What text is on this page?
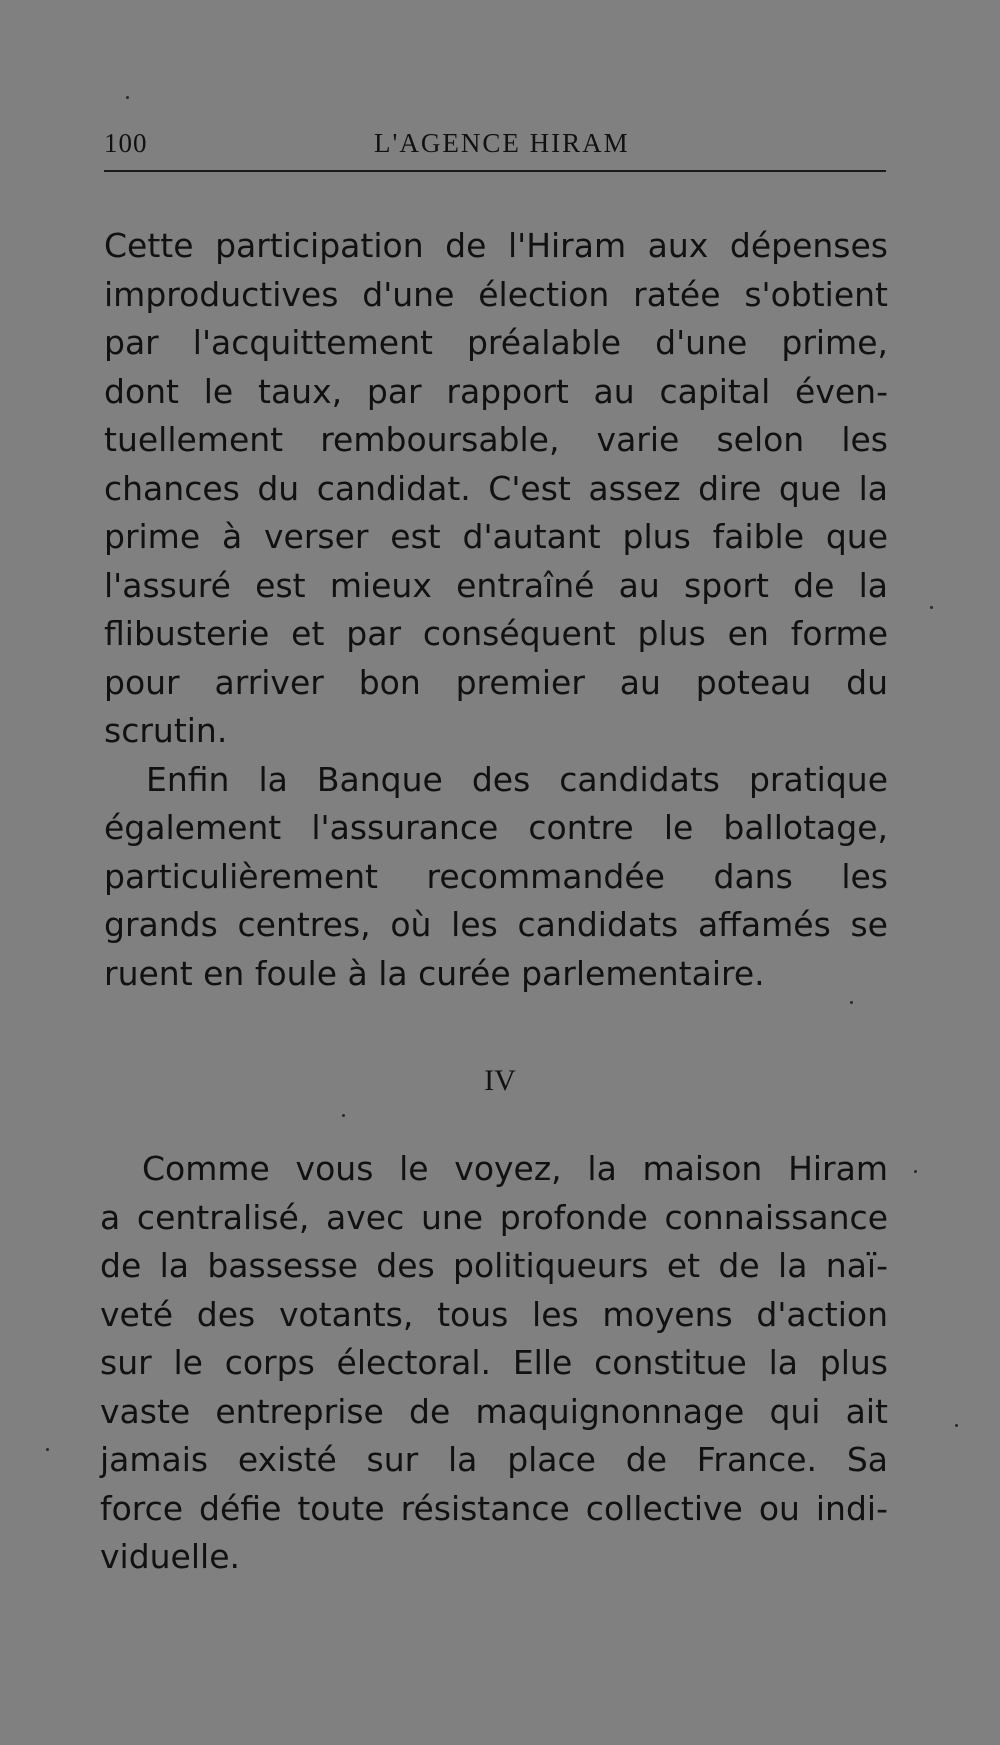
100	L'AGENCE HIRAM
Cette participation de l'Hiram aux dépenses
improductives d'une élection ratée s'obtient
par l'acquittement préalable d'une prime,
dont le taux, par rapport au capital éven-
tuellement remboursable, varie selon les
chances du candidat. C'est assez dire que la
prime à verser est d'autant plus faible que
l'assuré est mieux entraîné au sport de la
flibusterie et par conséquent plus en forme
pour arriver bon premier au poteau du
scrutin.
Enfin la Banque des candidats pratique
également l'assurance contre le ballotage,
particulièrement recommandée dans les
grands centres, où les candidats affamés se
ruent en foule à la curée parlementaire.
IV
Comme vous le voyez, la maison Hiram
a centralisé, avec une profonde connaissance
de la bassesse des politiqueurs et de la naï-
veté des votants, tous les moyens d'action
sur le corps électoral. Elle constitue la plus
vaste entreprise de maquignonnage qui ait
jamais existé sur la place de France. Sa
force défie toute résistance collective ou indi-
viduelle.
